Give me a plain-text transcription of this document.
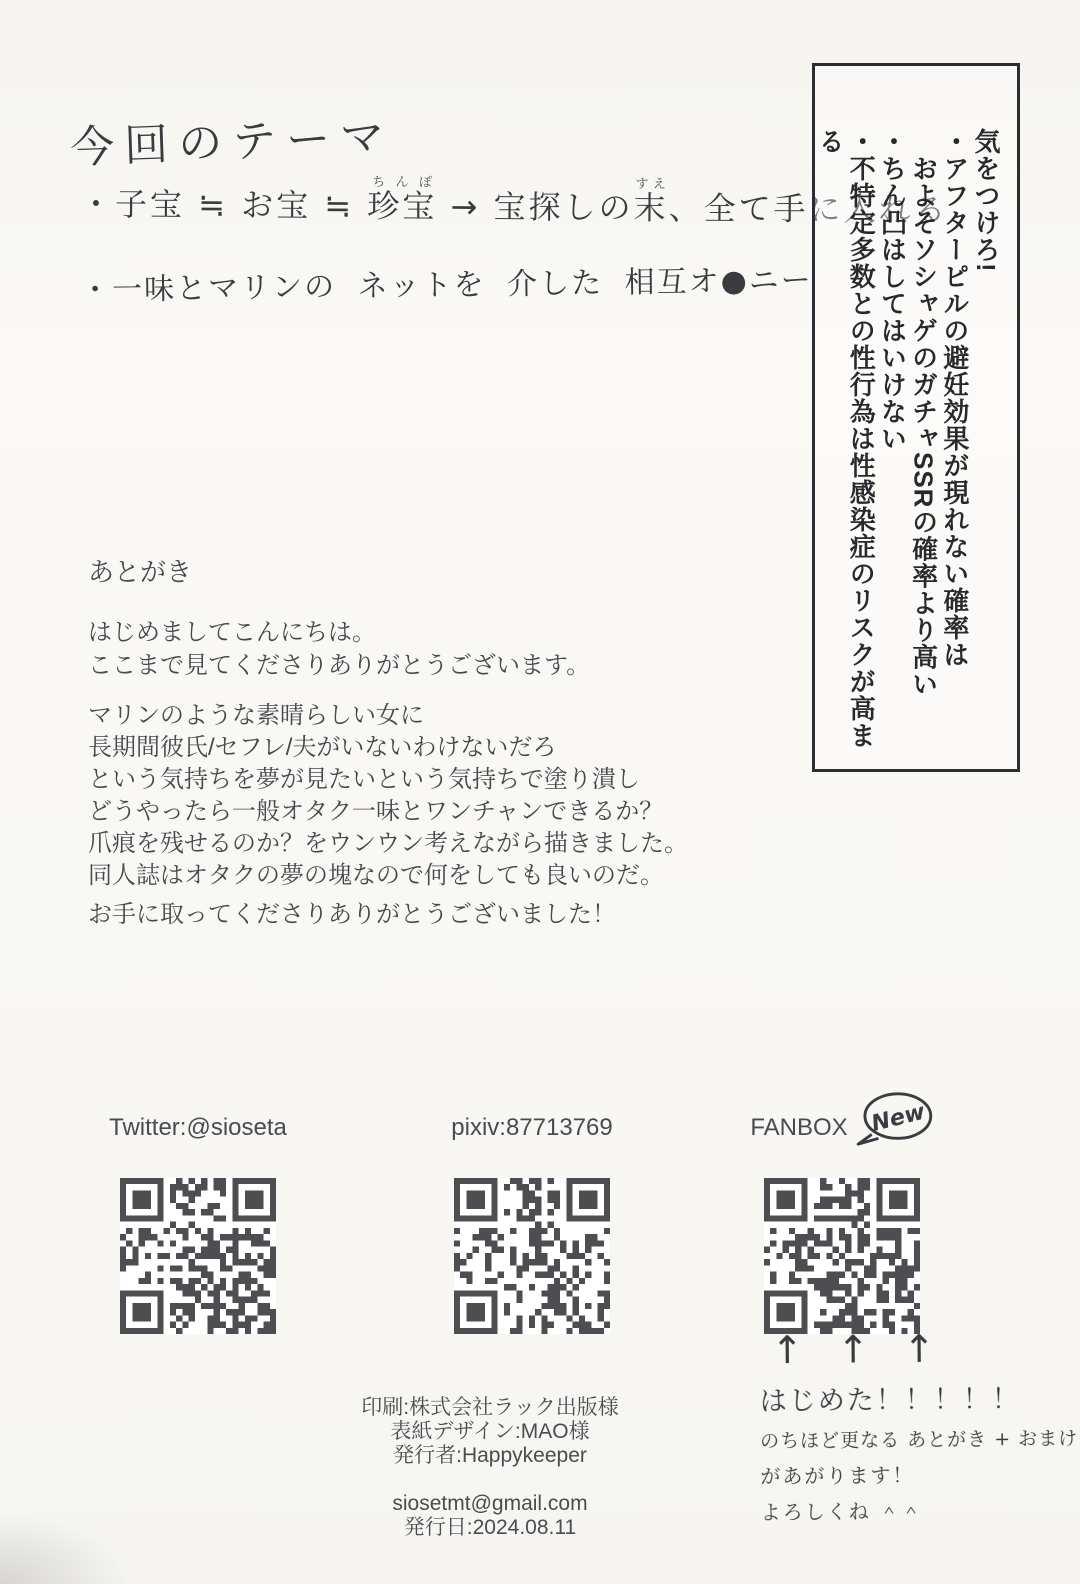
今回のテーマ
・子宝 ≒ お宝 ≒ 珍宝ちんぽ → 宝探しの末すえ、全て手に入れる
・一味とマリンの ネットを 介した 相互オ●ニー
気をつけろ!
・アフターピルの避妊効果が現れない確率は
　およそソシャゲのガチャSSRの確率より高い
・ちん凸はしてはいけない
・不特定多数との性行為は性感染症のリスクが高まる
あとがき
はじめましてこんにちは。
ここまで見てくださりありがとうございます。
マリンのような素晴らしい女に
長期間彼氏/セフレ/夫がいないわけないだろ
という気持ちを夢が見たいという気持ちで塗り潰し
どうやったら一般オタク一味とワンチャンできるか？
爪痕を残せるのか？をウンウン考えながら描きました。
同人誌はオタクの夢の塊なので何をしても良いのだ。
お手に取ってくださりありがとうございました！
Twitter:@sioseta	pixiv:87713769	FANBOX New
印刷:株式会社ラック出版様
表紙デザイン:MAO様
発行者:Happykeeper
siosetmt@gmail.com
発行日:2024.08.11
↑ ↑ ↑
はじめた！！！！！
のちほど更なる あとがき + おまけ
があがります！
よろしくね ＾＾
